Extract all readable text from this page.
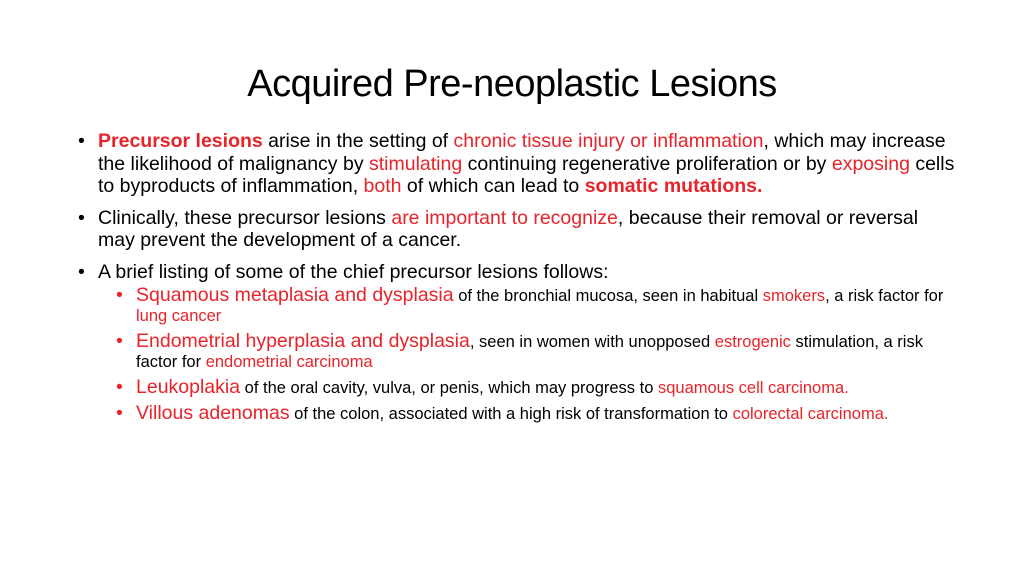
Acquired Pre-neoplastic Lesions
• Precursor lesions arise in the setting of chronic tissue injury or inflammation, which may increase the likelihood of malignancy by stimulating continuing regenerative proliferation or by exposing cells to byproducts of inflammation, both of which can lead to somatic mutations.
• Clinically, these precursor lesions are important to recognize, because their removal or reversal may prevent the development of a cancer.
• A brief listing of some of the chief precursor lesions follows:
• Squamous metaplasia and dysplasia of the bronchial mucosa, seen in habitual smokers, a risk factor for lung cancer
• Endometrial hyperplasia and dysplasia, seen in women with unopposed estrogenic stimulation, a risk factor for endometrial carcinoma
• Leukoplakia of the oral cavity, vulva, or penis, which may progress to squamous cell carcinoma.
• Villous adenomas of the colon, associated with a high risk of transformation to colorectal carcinoma.
